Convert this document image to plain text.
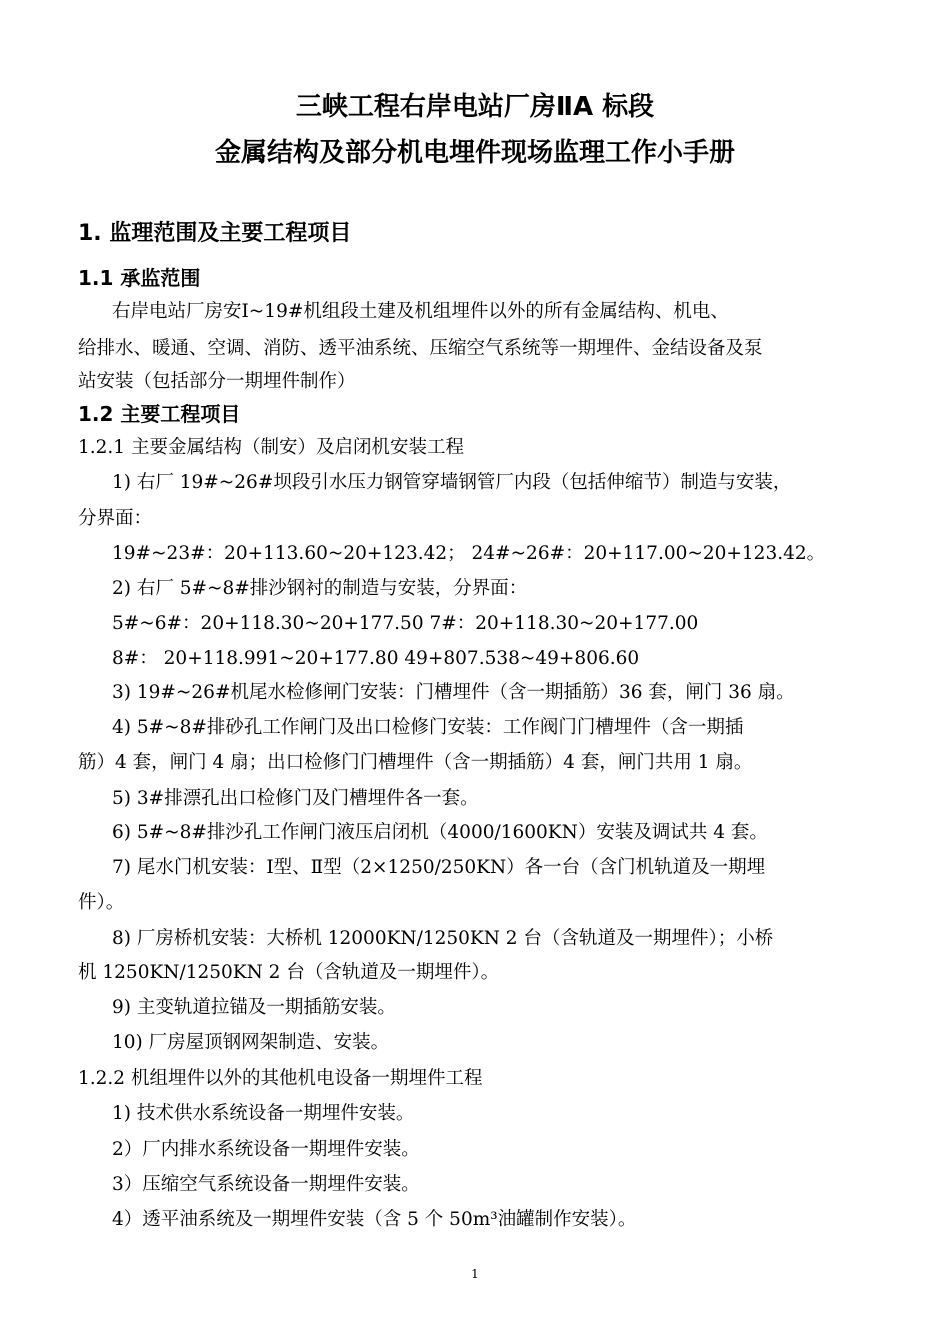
三峡工程右岸电站厂房ⅡA 标段
金属结构及部分机电埋件现场监理工作小手册
1. 监理范围及主要工程项目
1.1 承监范围
右岸电站厂房安Ⅰ~19#机组段土建及机组埋件以外的所有金属结构、机电、
给排水、暖通、空调、消防、透平油系统、压缩空气系统等一期埋件、金结设备及泵
站安装（包括部分一期埋件制作）
1.2 主要工程项目
1.2.1 主要金属结构（制安）及启闭机安装工程
1) 右厂 19#~26#坝段引水压力钢管穿墙钢管厂内段（包括伸缩节）制造与安装，
分界面：
19#~23#：20+113.60~20+123.42； 24#~26#：20+117.00~20+123.42。
2) 右厂 5#~8#排沙钢衬的制造与安装，分界面：
5#~6#：20+118.30~20+177.50 7#：20+118.30~20+177.00
8#： 20+118.991~20+177.80 49+807.538~49+806.60
3) 19#~26#机尾水检修闸门安装：门槽埋件（含一期插筋）36 套，闸门 36 扇。
4) 5#~8#排砂孔工作闸门及出口检修门安装：工作阀门门槽埋件（含一期插
筋）4 套，闸门 4 扇；出口检修门门槽埋件（含一期插筋）4 套，闸门共用 1 扇。
5) 3#排漂孔出口检修门及门槽埋件各一套。
6) 5#~8#排沙孔工作闸门液压启闭机（4000/1600KN）安装及调试共 4 套。
7) 尾水门机安装：Ⅰ型、Ⅱ型（2×1250/250KN）各一台（含门机轨道及一期埋
件）。
8) 厂房桥机安装：大桥机 12000KN/1250KN 2 台（含轨道及一期埋件）；小桥
机 1250KN/1250KN 2 台（含轨道及一期埋件）。
9) 主变轨道拉锚及一期插筋安装。
10) 厂房屋顶钢网架制造、安装。
1.2.2 机组埋件以外的其他机电设备一期埋件工程
1) 技术供水系统设备一期埋件安装。
2）厂内排水系统设备一期埋件安装。
3）压缩空气系统设备一期埋件安装。
4）透平油系统及一期埋件安装（含 5 个 50m³油罐制作安装）。
1
